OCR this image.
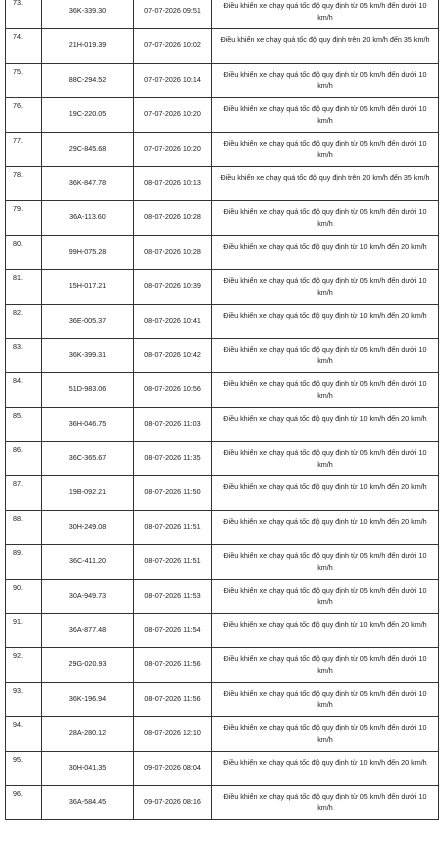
73.	36K-339.30	07-07-2026 09:51	Điều khiển xe chạy quá tốc độ quy định từ 05 km/h đến dưới 10 km/h
74.	21H-019.39	07-07-2026 10:02	Điều khiển xe chạy quá tốc độ quy định trên 20 km/h đến 35 km/h
75.	88C-294.52	07-07-2026 10:14	Điều khiển xe chạy quá tốc độ quy định từ 05 km/h đến dưới 10 km/h
76.	19C-220.05	07-07-2026 10:20	Điều khiển xe chạy quá tốc độ quy định từ 05 km/h đến dưới 10 km/h
77.	29C-845.68	07-07-2026 10:20	Điều khiển xe chạy quá tốc độ quy định từ 05 km/h đến dưới 10 km/h
78.	36K-847.78	08-07-2026 10:13	Điều khiển xe chạy quá tốc độ quy định trên 20 km/h đến 35 km/h
79.	36A-113.60	08-07-2026 10:28	Điều khiển xe chạy quá tốc độ quy định từ 05 km/h đến dưới 10 km/h
80.	99H-075.28	08-07-2026 10:28	Điều khiển xe chạy quá tốc độ quy định từ 10 km/h đến 20 km/h
81.	15H-017.21	08-07-2026 10:39	Điều khiển xe chạy quá tốc độ quy định từ 05 km/h đến dưới 10 km/h
82.	36E-005.37	08-07-2026 10:41	Điều khiển xe chạy quá tốc độ quy định từ 10 km/h đến 20 km/h
83.	36K-399.31	08-07-2026 10:42	Điều khiển xe chạy quá tốc độ quy định từ 05 km/h đến dưới 10 km/h
84.	51D-983.06	08-07-2026 10:56	Điều khiển xe chạy quá tốc độ quy định từ 05 km/h đến dưới 10 km/h
85.	36H-046.75	08-07-2026 11:03	Điều khiển xe chạy quá tốc độ quy định từ 10 km/h đến 20 km/h
86.	36C-365.67	08-07-2026 11:35	Điều khiển xe chạy quá tốc độ quy định từ 05 km/h đến dưới 10 km/h
87.	19B-092.21	08-07-2026 11:50	Điều khiển xe chạy quá tốc độ quy định từ 10 km/h đến 20 km/h
88.	30H-249.08	08-07-2026 11:51	Điều khiển xe chạy quá tốc độ quy định từ 10 km/h đến 20 km/h
89.	36C-411.20	08-07-2026 11:51	Điều khiển xe chạy quá tốc độ quy định từ 05 km/h đến dưới 10 km/h
90.	30A-949.73	08-07-2026 11:53	Điều khiển xe chạy quá tốc độ quy định từ 05 km/h đến dưới 10 km/h
91.	36A-877.48	08-07-2026 11:54	Điều khiển xe chạy quá tốc độ quy định từ 10 km/h đến 20 km/h
92.	29G-020.93	08-07-2026 11:56	Điều khiển xe chạy quá tốc độ quy định từ 05 km/h đến dưới 10 km/h
93.	36K-196.94	08-07-2026 11:56	Điều khiển xe chạy quá tốc độ quy định từ 05 km/h đến dưới 10 km/h
94.	28A-280.12	08-07-2026 12:10	Điều khiển xe chạy quá tốc độ quy định từ 05 km/h đến dưới 10 km/h
95.	30H-041.35	09-07-2026 08:04	Điều khiển xe chạy quá tốc độ quy định từ 10 km/h đến 20 km/h
96.	36A-584.45	09-07-2026 08:16	Điều khiển xe chạy quá tốc độ quy định từ 05 km/h đến dưới 10 km/h
